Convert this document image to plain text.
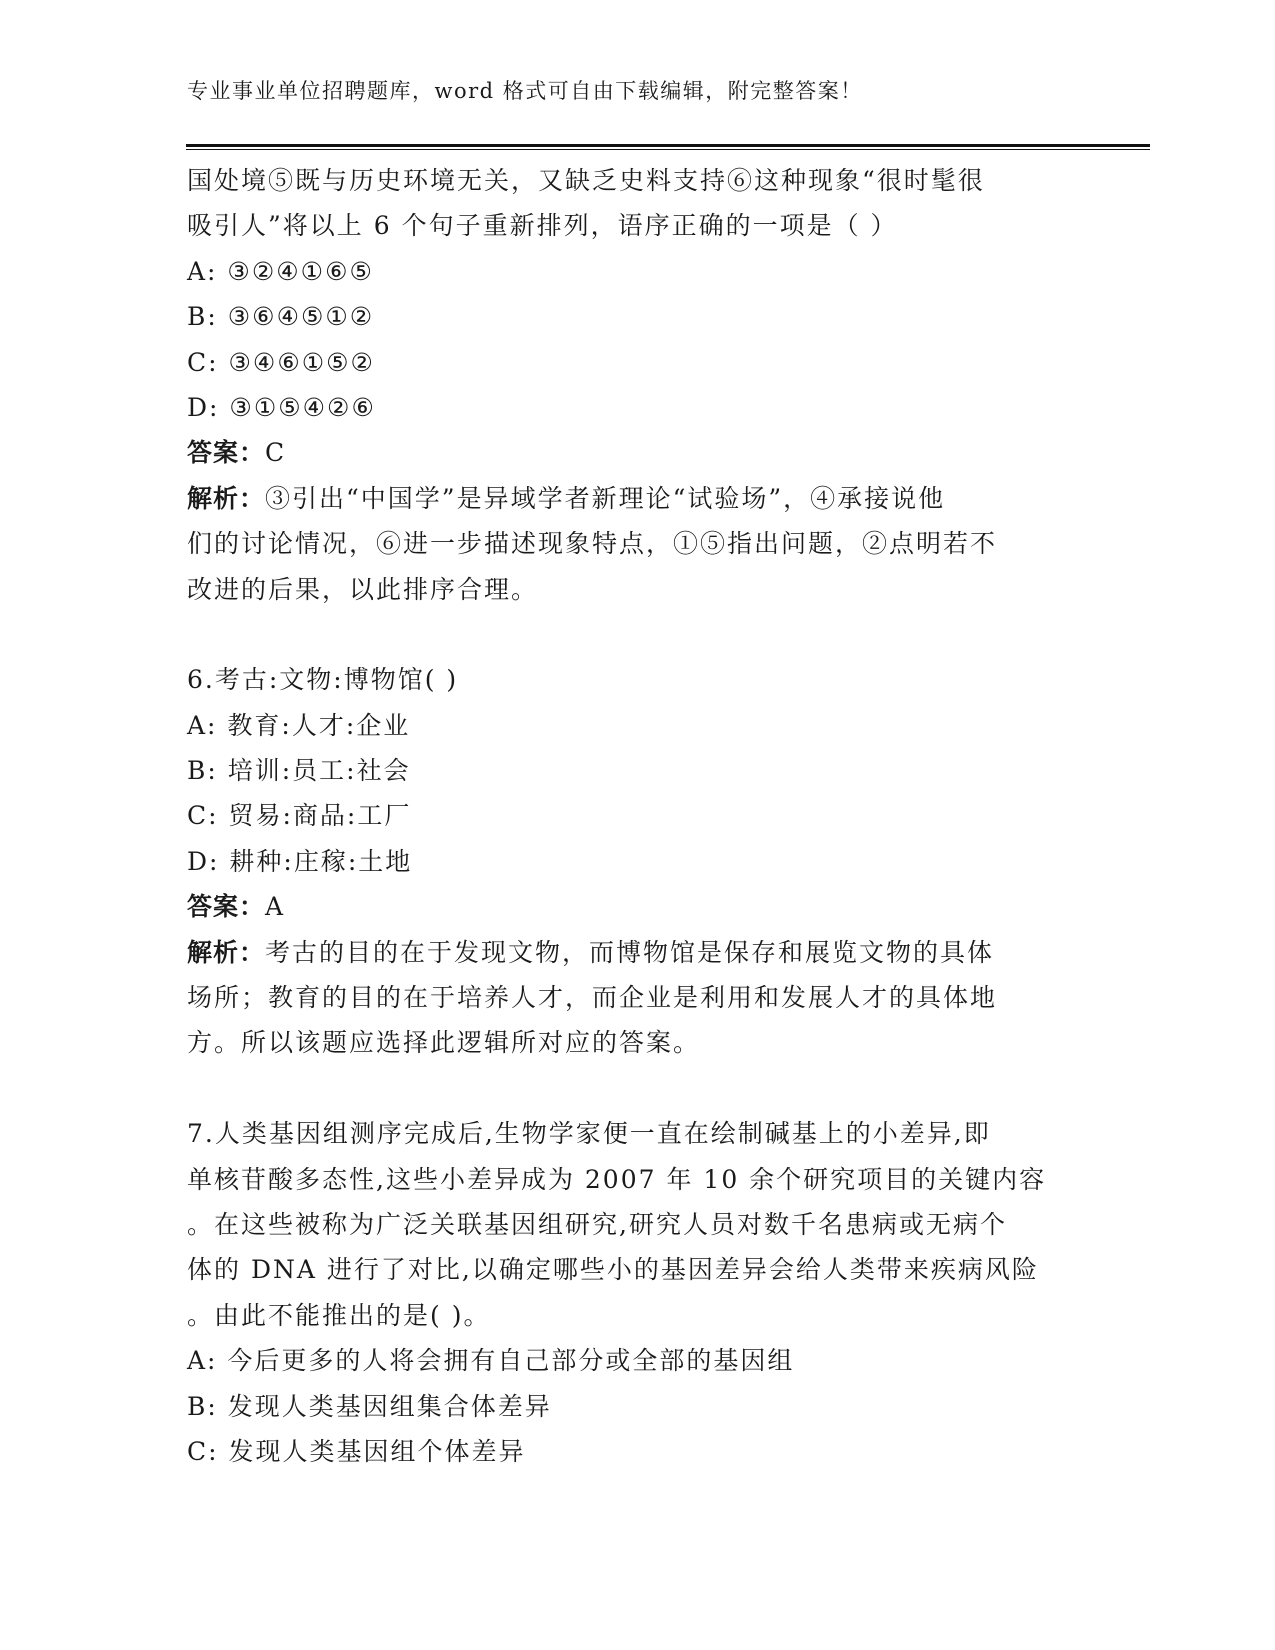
专业事业单位招聘题库，word 格式可自由下载编辑，附完整答案！
国处境⑤既与历史环境无关，又缺乏史料支持⑥这种现象“很时髦很
吸引人”将以上 6 个句子重新排列，语序正确的一项是（ ）
A: ③②④①⑥⑤
B: ③⑥④⑤①②
C: ③④⑥①⑤②
D: ③①⑤④②⑥
答案：C
解析：③引出“中国学”是异域学者新理论“试验场”，④承接说他
们的讨论情况，⑥进一步描述现象特点，①⑤指出问题，②点明若不
改进的后果，以此排序合理。
6.考古:文物:博物馆( )
A: 教育:人才:企业
B: 培训:员工:社会
C: 贸易:商品:工厂
D: 耕种:庄稼:土地
答案：A
解析：考古的目的在于发现文物，而博物馆是保存和展览文物的具体
场所；教育的目的在于培养人才，而企业是利用和发展人才的具体地
方。所以该题应选择此逻辑所对应的答案。
7.人类基因组测序完成后,生物学家便一直在绘制碱基上的小差异,即
单核苷酸多态性,这些小差异成为 2007 年 10 余个研究项目的关键内容
。在这些被称为广泛关联基因组研究,研究人员对数千名患病或无病个
体的 DNA 进行了对比,以确定哪些小的基因差异会给人类带来疾病风险
。由此不能推出的是( )。
A: 今后更多的人将会拥有自己部分或全部的基因组
B: 发现人类基因组集合体差异
C: 发现人类基因组个体差异
